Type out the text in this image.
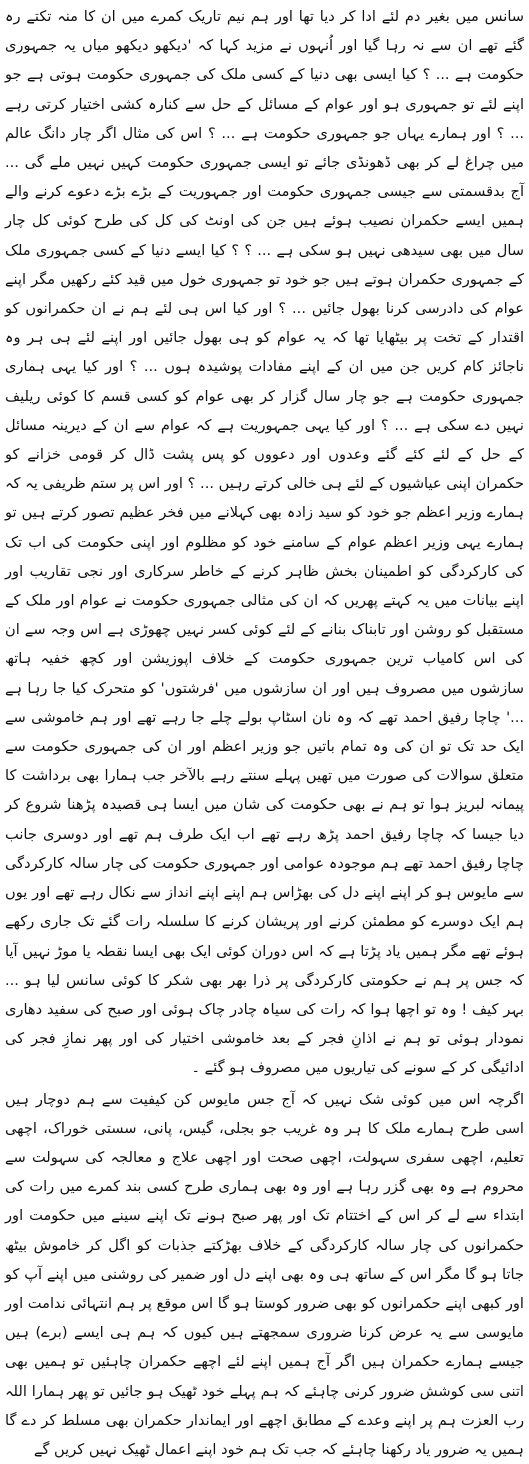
سانس میں بغیر دم لئے ادا کر دیا تھا اور ہم نیم تاریک کمرے میں ان کا منہ تکتے رہ گئے تھے ان سے نہ رہا گیا اور اُنہوں نے مزید کہا کہ 'دیکھو دیکھو میاں یہ جمہوری حکومت ہے ... ؟ کیا ایسی بھی دنیا کے کسی ملک کی جمہوری حکومت ہوتی ہے جو اپنے لئے تو جمہوری ہو اور عوام کے مسائل کے حل سے کنارہ کشی اختیار کرتی رہے ... ؟ اور ہمارے یہاں جو جمہوری حکومت ہے ... ؟ اس کی مثال اگر چار دانگ عالم میں چراغ لے کر بھی ڈھونڈی جائے تو ایسی جمہوری حکومت کہیں نہیں ملے گی ... آج بدقسمتی سے جیسی جمہوری حکومت اور جمہوریت کے بڑے بڑے دعوے کرنے والے ہمیں ایسے حکمران نصیب ہوئے ہیں جن کی اونٹ کی کل کی طرح کوئی کل چار سال میں بھی سیدھی نہیں ہو سکی ہے ... ؟ ؟ کیا ایسے دنیا کے کسی جمہوری ملک کے جمہوری حکمران ہوتے ہیں جو خود تو جمہوری خول میں قید کئے رکھیں مگر اپنے عوام کی دادرسی کرنا بھول جائیں ... ؟ اور کیا اس ہی لئے ہم نے ان حکمرانوں کو اقتدار کے تخت پر بیٹھایا تھا کہ یہ عوام کو ہی بھول جائیں اور اپنے لئے ہی ہر وہ ناجائز کام کریں جن میں ان کے اپنے مفادات پوشیدہ ہوں ... ؟ اور کیا یہی ہماری جمہوری حکومت ہے جو چار سال گزار کر بھی عوام کو کسی قسم کا کوئی ریلیف نہیں دے سکی ہے ... ؟ اور کیا یہی جمہوریت ہے کہ عوام سے ان کے دیرینہ مسائل کے حل کے لئے کئے گئے وعدوں اور دعووں کو پس پشت ڈال کر قومی خزانے کو حکمران اپنی عیاشیوں کے لئے ہی خالی کرتے رہیں ... ؟ اور اس پر ستم ظریفی یہ کہ ہمارے وزیر اعظم جو خود کو سید زادہ بھی کہلانے میں فخر عظیم تصور کرتے ہیں تو ہمارے یہی وزیر اعظم عوام کے سامنے خود کو مظلوم اور اپنی حکومت کی اب تک کی کارکردگی کو اطمینان بخش ظاہر کرنے کے خاطر سرکاری اور نجی تقاریب اور اپنے بیانات میں یہ کہتے پھریں کہ ان کی مثالی جمہوری حکومت نے عوام اور ملک کے مستقبل کو روشن اور تابناک بنانے کے لئے کوئی کسر نہیں چھوڑی ہے اس وجہ سے ان کی اس کامیاب ترین جمہوری حکومت کے خلاف اپوزیشن اور کچھ خفیہ ہاتھ سازشوں میں مصروف ہیں اور ان سازشوں میں 'فرشتوں' کو متحرک کیا جا رہا ہے ...' چاچا رفیق احمد تھے کہ وہ نان اسٹاپ بولے چلے جا رہے تھے اور ہم خاموشی سے ایک حد تک تو ان کی وہ تمام باتیں جو وزیر اعظم اور ان کی جمہوری حکومت سے متعلق سوالات کی صورت میں تھیں پہلے سنتے رہے بالآخر جب ہمارا بھی برداشت کا پیمانہ لبریز ہوا تو ہم نے بھی حکومت کی شان میں ایسا ہی قصیدہ پڑھنا شروع کر دیا جیسا کہ چاچا رفیق احمد پڑھ رہے تھے اب ایک طرف ہم تھے اور دوسری جانب چاچا رفیق احمد تھے ہم موجودہ عوامی اور جمہوری حکومت کی چار سالہ کارکردگی سے مایوس ہو کر اپنے اپنے دل کی بھڑاس ہم اپنے اپنے انداز سے نکال رہے تھے اور یوں ہم ایک دوسرے کو مطمئن کرنے اور پریشان کرنے کا سلسلہ رات گئے تک جاری رکھے ہوئے تھے مگر ہمیں یاد پڑتا ہے کہ اس دوران کوئی ایک بھی ایسا نقطہ یا موڑ نہیں آیا کہ جس پر ہم نے حکومتی کارکردگی پر ذرا بھر بھی شکر کا کوئی سانس لیا ہو ... بہر کیف ! وہ تو اچھا ہوا کہ رات کی سیاہ چادر چاک ہوئی اور صبح کی سفید دھاری نمودار ہوئی تو ہم نے اذانِ فجر کے بعد خاموشی اختیار کی اور پھر نمازِ فجر کی ادائیگی کر کے سونے کی تیاریوں میں مصروف ہو گئے ۔

اگرچہ اس میں کوئی شک نہیں کہ آج جس مایوس کن کیفیت سے ہم دوچار ہیں اسی طرح ہمارے ملک کا ہر وہ غریب جو بجلی، گیس، پانی، سستی خوراک، اچھی تعلیم، اچھی سفری سہولت، اچھی صحت اور اچھی علاج و معالجہ کی سہولت سے محروم ہے وہ بھی گزر رہا ہے اور وہ بھی ہماری طرح کسی بند کمرے میں رات کی ابتداء سے لے کر اس کے اختتام تک اور پھر صبح ہونے تک اپنے سینے میں حکومت اور حکمرانوں کی چار سالہ کارکردگی کے خلاف بھڑکتے جذبات کو اگل کر خاموش بیٹھ جاتا ہو گا مگر اس کے ساتھ ہی وہ بھی اپنے دل اور ضمیر کی روشنی میں اپنے آپ کو اور کبھی اپنے حکمرانوں کو بھی ضرور کوستا ہو گا اس موقع پر ہم انتہائی ندامت اور مایوسی سے یہ عرض کرنا ضروری سمجھتے ہیں کیوں کہ ہم ہی ایسے (برے) ہیں جیسے ہمارے حکمران ہیں اگر آج ہمیں اپنے لئے اچھے حکمران چاہئیں تو ہمیں بھی اتنی سی کوشش ضرور کرنی چاہئے کہ ہم پہلے خود ٹھیک ہو جائیں تو پھر ہمارا اللہ رب العزت ہم پر اپنے وعدے کے مطابق اچھے اور ایماندار حکمران بھی مسلط کر دے گا ہمیں یہ ضرور یاد رکھنا چاہئے کہ جب تک ہم خود اپنے اعمال ٹھیک نہیں کریں گے
